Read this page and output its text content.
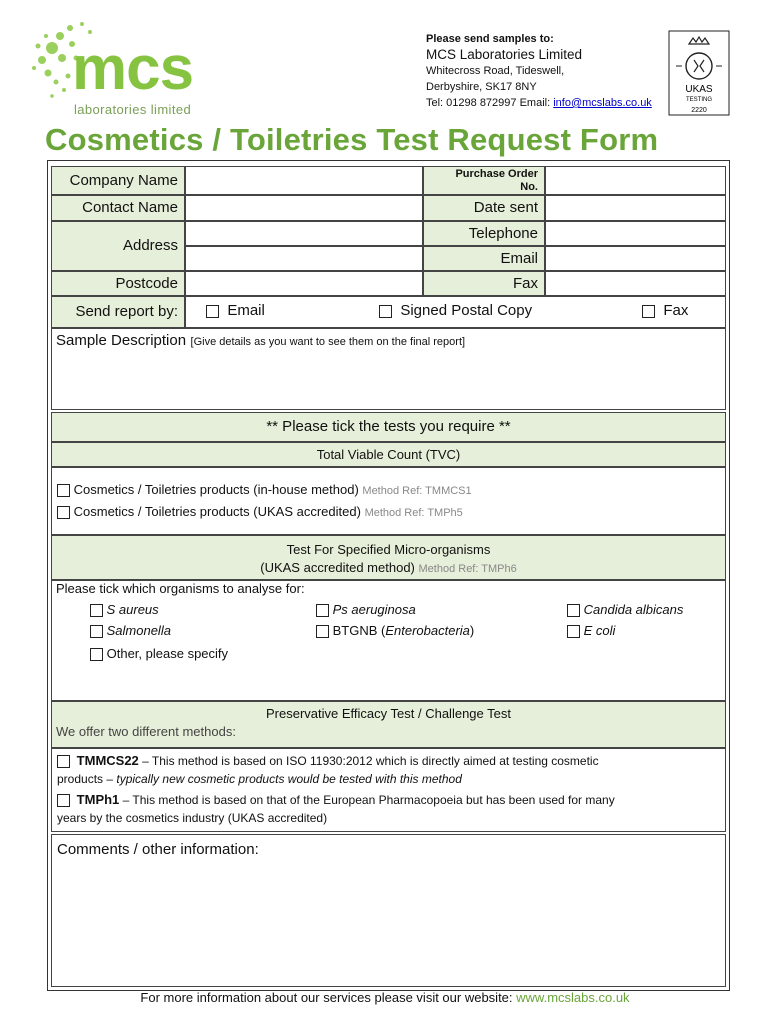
mcs
laboratories limited
Please send samples to:
MCS Laboratories Limited
Whitecross Road, Tideswell,
Derbyshire, SK17 8NY
Tel: 01298 872997 Email: info@mcslabs.co.uk
UKAS
TESTING
2220
Cosmetics / Toiletries Test Request Form
Company Name	Purchase Order
No.
Contact Name	Date sent
Address
Telephone
Email
Postcode	Fax
Send report by:	Email	Signed Postal Copy	Fax
Sample Description [Give details as you want to see them on the final report]
** Please tick the tests you require **
Total Viable Count (TVC)
Cosmetics / Toiletries products (in-house method) Method Ref: TMMCS1
Cosmetics / Toiletries products (UKAS accredited) Method Ref: TMPh5
Test For Specified Micro-organisms
(UKAS accredited method) Method Ref: TMPh6
Please tick which organisms to analyse for:
S aureus	Ps aeruginosa	Candida albicans
Salmonella	BTGNB (Enterobacteria)	E coli
Other, please specify
Preservative Efficacy Test / Challenge Test
We offer two different methods:
TMMCS22 – This method is based on ISO 11930:2012 which is directly aimed at testing cosmetic
products – typically new cosmetic products would be tested with this method
TMPh1 – This method is based on that of the European Pharmacopoeia but has been used for many
years by the cosmetics industry (UKAS accredited)
Comments / other information:
For more information about our services please visit our website: www.mcslabs.co.uk
